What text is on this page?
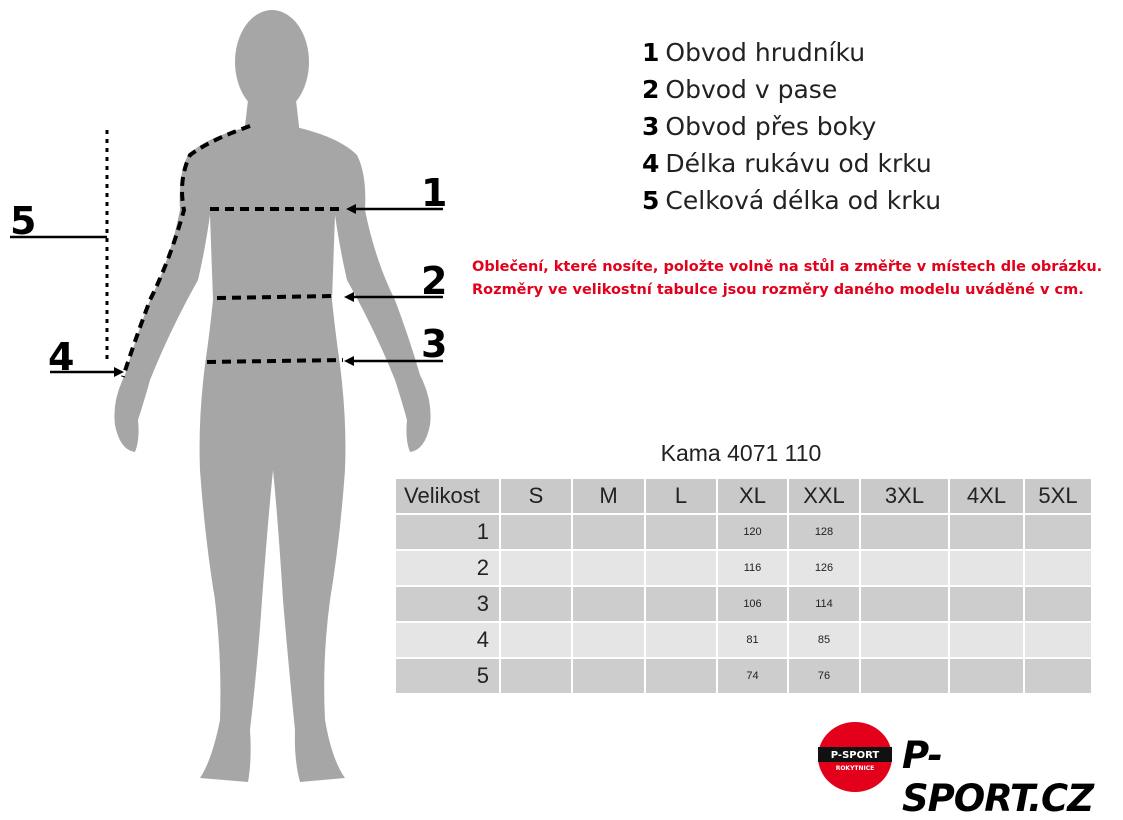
1
2
3
4
5
1 Obvod hrudníku
2 Obvod v pase
3 Obvod přes boky
4 Délka rukávu od krku
5 Celková délka od krku
Oblečení, které nosíte, položte volně na stůl a změřte v místech dle obrázku.
Rozměry ve velikostní tabulce jsou rozměry daného modelu uváděné v cm.
Kama 4071 110
Velikost	S	M	L	XL	XXL	3XL	4XL	5XL
1				120	128			
2				116	126			
3				106	114			
4				81	85			
5				74	76			
P-SPORT
ROKYTNICE P-SPORT.CZ
